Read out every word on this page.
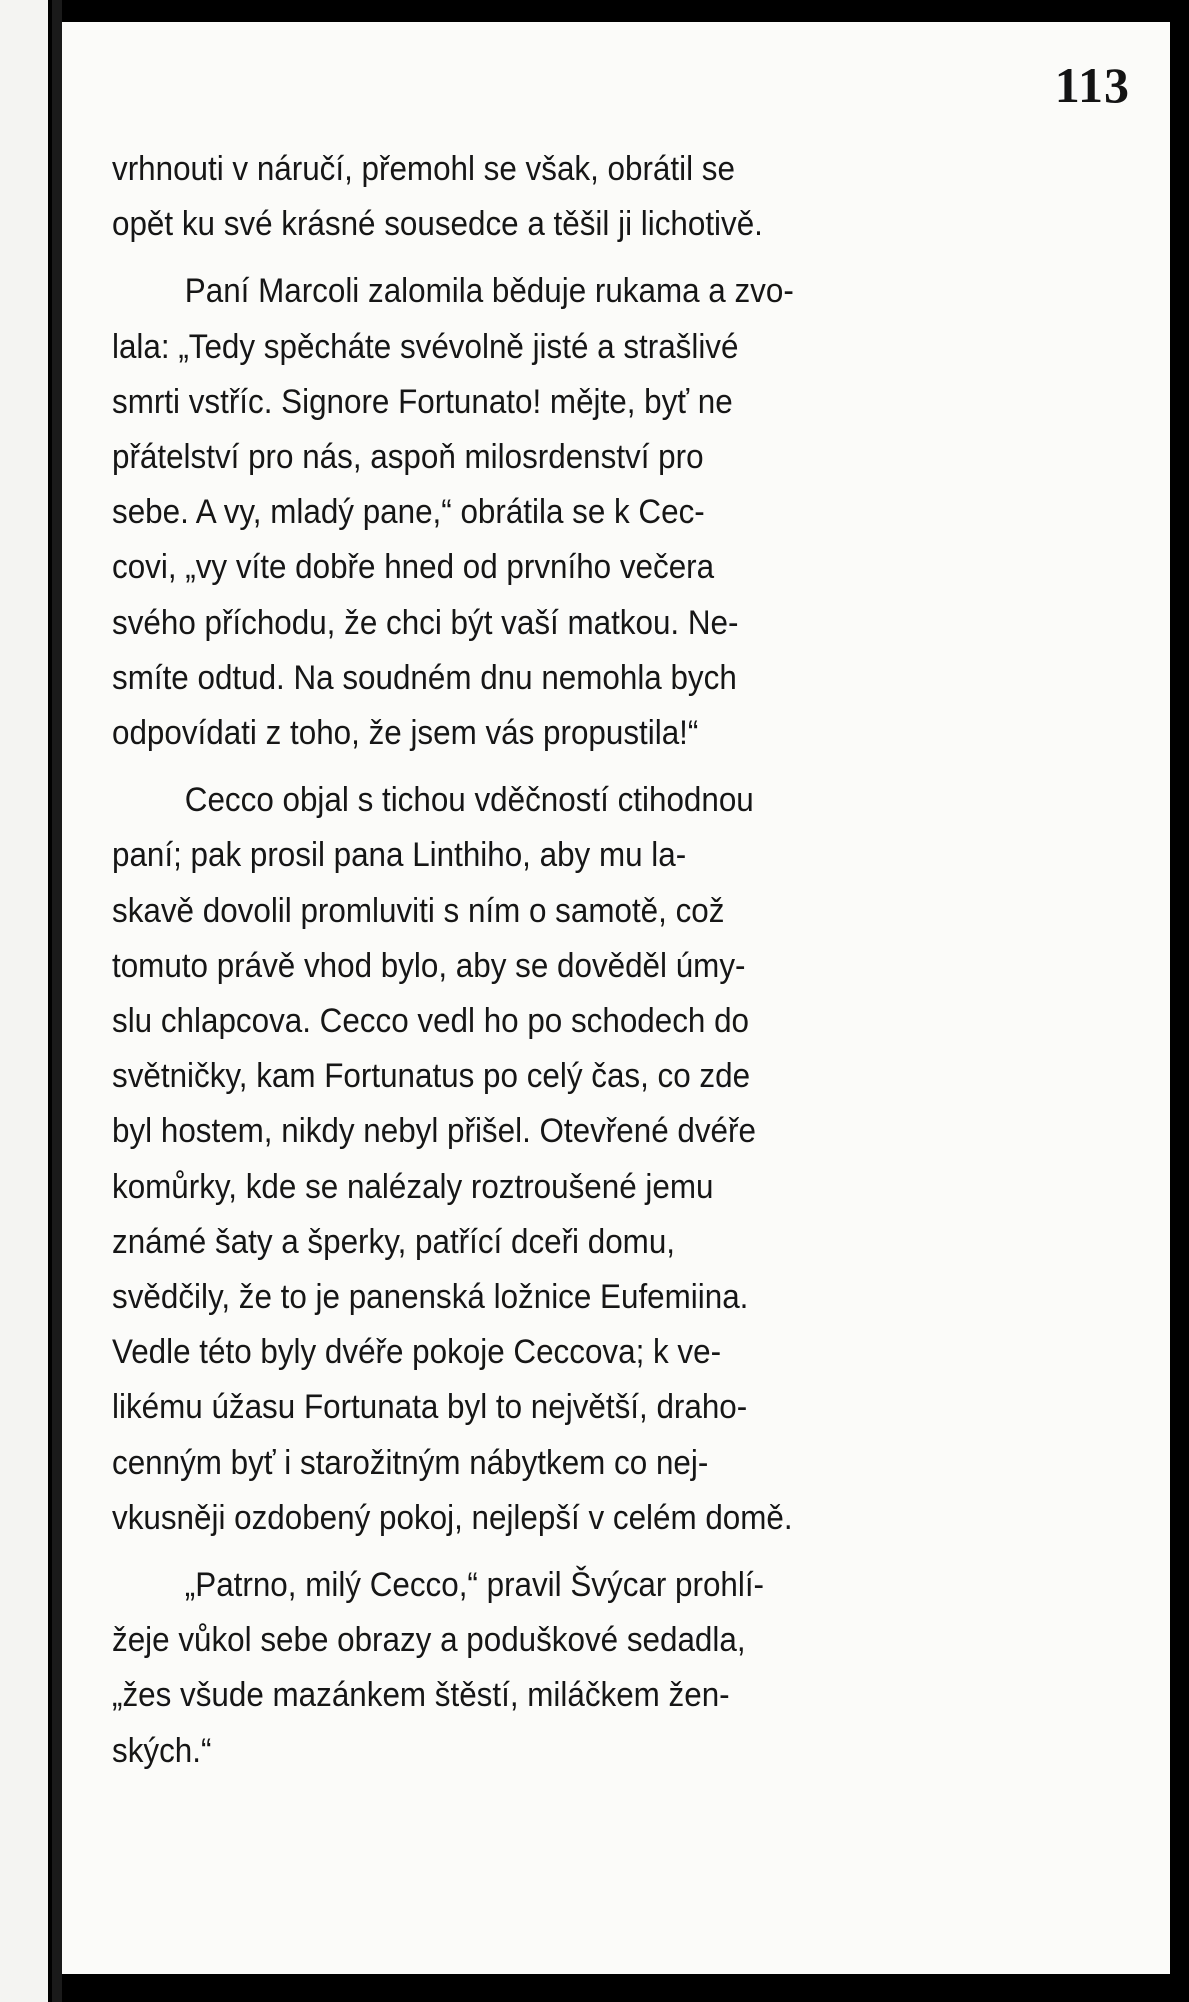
113

vrhnouti v náručí, přemohl se však, obrátil se
opět ku své krásné sousedce a těšil ji lichotivě.

Paní Marcoli zalomila běduje rukama a zvo-
lala: „Tedy spěcháte svévolně jisté a strašlivé
smrti vstříc. Signore Fortunato! mějte, byť ne
přátelství pro nás, aspoň milosrdenství pro
sebe. A vy, mladý pane,“ obrátila se k Cec-
covi, „vy víte dobře hned od prvního večera
svého příchodu, že chci být vaší matkou. Ne-
smíte odtud. Na soudném dnu nemohla bych
odpovídati z toho, že jsem vás propustila!“

Cecco objal s tichou vděčností ctihodnou
paní; pak prosil pana Linthiho, aby mu la-
skavě dovolil promluviti s ním o samotě, což
tomuto právě vhod bylo, aby se dověděl úmy-
slu chlapcova. Cecco vedl ho po schodech do
světničky, kam Fortunatus po celý čas, co zde
byl hostem, nikdy nebyl přišel. Otevřené dvéře
komůrky, kde se nalézaly roztroušené jemu
známé šaty a šperky, patřící dceři domu,
svědčily, že to je panenská ložnice Eufemiina.
Vedle této byly dvéře pokoje Ceccova; k ve-
likému úžasu Fortunata byl to největší, draho-
cenným byť i starožitným nábytkem co nej-
vkusněji ozdobený pokoj, nejlepší v celém domě.

„Patrno, milý Cecco,“ pravil Švýcar prohlí-
žeje vůkol sebe obrazy a poduškové sedadla,
„žes všude mazánkem štěstí, miláčkem žen-
ských.“
